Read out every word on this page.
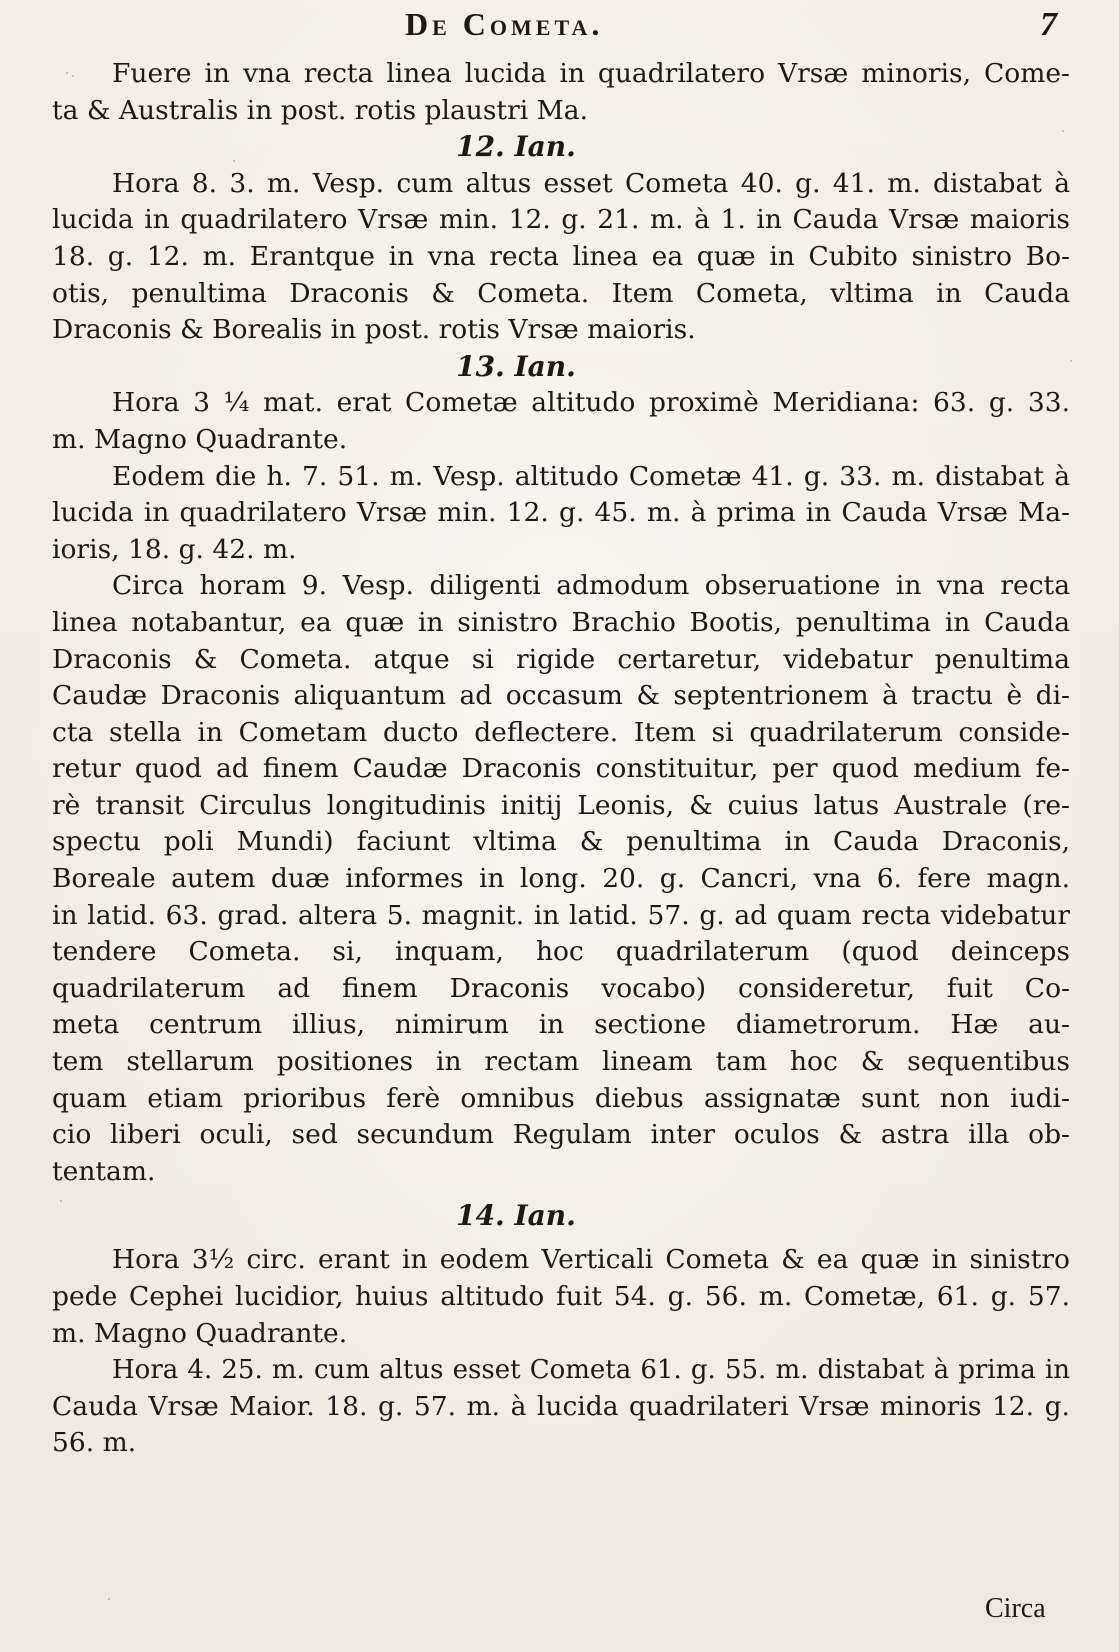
De Cometa.	7
Fuere in vna recta linea lucida in quadrilatero Vrsæ minoris, Come-
ta & Australis in post. rotis plaustri Ma.
12. Ian.
Hora 8. 3. m. Vesp. cum altus esset Cometa 40. g. 41. m. distabat à
lucida in quadrilatero Vrsæ min. 12. g. 21. m. à 1. in Cauda Vrsæ maioris
18. g. 12. m. Erantque in vna recta linea ea quæ in Cubito sinistro Bo-
otis, penultima Draconis & Cometa. Item Cometa, vltima in Cauda
Draconis & Borealis in post. rotis Vrsæ maioris.
13. Ian.
Hora 3 ¼ mat. erat Cometæ altitudo proximè Meridiana: 63. g. 33.
m. Magno Quadrante.
Eodem die h. 7. 51. m. Vesp. altitudo Cometæ 41. g. 33. m. distabat à
lucida in quadrilatero Vrsæ min. 12. g. 45. m. à prima in Cauda Vrsæ Ma-
ioris, 18. g. 42. m.
Circa horam 9. Vesp. diligenti admodum obseruatione in vna recta
linea notabantur, ea quæ in sinistro Brachio Bootis, penultima in Cauda
Draconis & Cometa. atque si rigide certaretur, videbatur penultima
Caudæ Draconis aliquantum ad occasum & septentrionem à tractu è di-
cta stella in Cometam ducto deflectere. Item si quadrilaterum conside-
retur quod ad finem Caudæ Draconis constituitur, per quod medium fe-
rè transit Circulus longitudinis initij Leonis, & cuius latus Australe (re-
spectu poli Mundi) faciunt vltima & penultima in Cauda Draconis,
Boreale autem duæ informes in long. 20. g. Cancri, vna 6. fere magn.
in latid. 63. grad. altera 5. magnit. in latid. 57. g. ad quam recta videbatur
tendere Cometa. si, inquam, hoc quadrilaterum (quod deinceps
quadrilaterum ad finem Draconis vocabo) consideretur, fuit Co-
meta centrum illius, nimirum in sectione diametrorum. Hæ au-
tem stellarum positiones in rectam lineam tam hoc & sequentibus
quam etiam prioribus ferè omnibus diebus assignatæ sunt non iudi-
cio liberi oculi, sed secundum Regulam inter oculos & astra illa ob-
tentam.
14. Ian.
Hora 3½ circ. erant in eodem Verticali Cometa & ea quæ in sinistro
pede Cephei lucidior, huius altitudo fuit 54. g. 56. m. Cometæ, 61. g. 57.
m. Magno Quadrante.
Hora 4. 25. m. cum altus esset Cometa 61. g. 55. m. distabat à prima in
Cauda Vrsæ Maior. 18. g. 57. m. à lucida quadrilateri Vrsæ minoris 12. g.
56. m.
Circa
